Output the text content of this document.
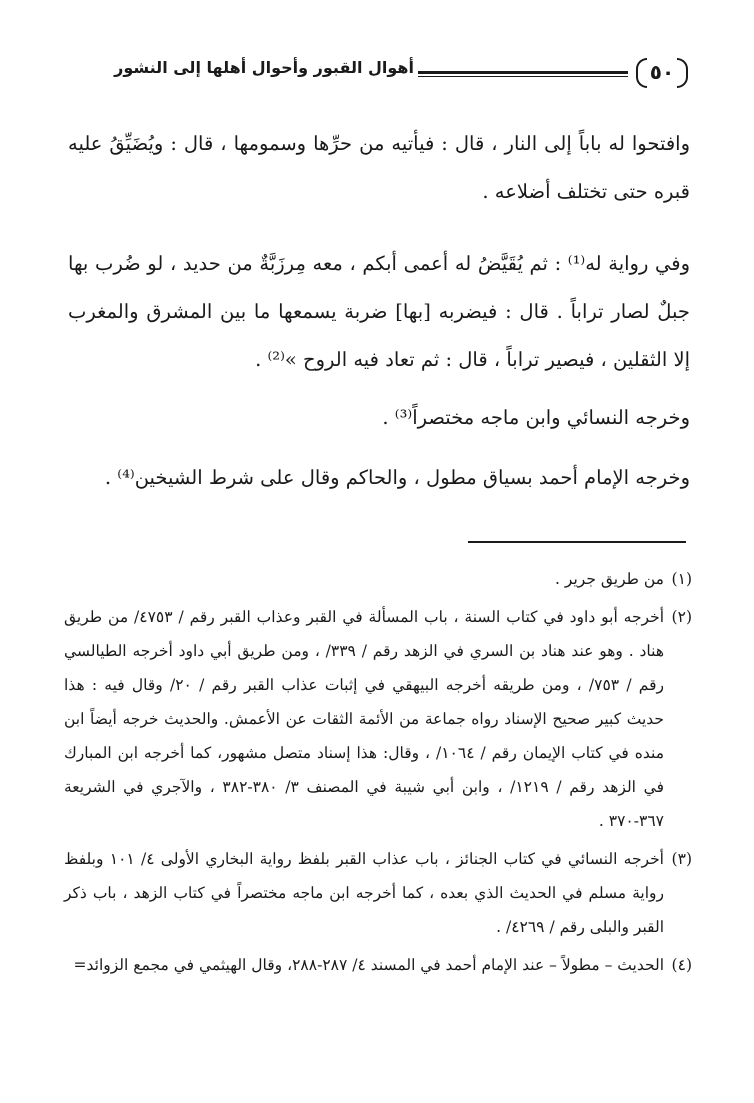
٥٠
أهوال القبور وأحوال أهلها إلى النشور

وافتحوا له باباً إلى النار ، قال : فيأتيه من حرِّها وسمومها ، قال : ويُضَيِّقُ عليه قبره حتى تختلف أضلاعه .

وفي رواية له⁽¹⁾ : ثم يُقَيَّضُ له أعمى أبكم ، معه مِرزَبَّةٌ من حديد ، لو ضُرب بها جبلٌ لصار تراباً . قال : فيضربه [بها] ضربة يسمعها ما بين المشرق والمغرب إلا الثقلين ، فيصير تراباً ، قال : ثم تعاد فيه الروح »⁽²⁾ .

وخرجه النسائي وابن ماجه مختصراً⁽³⁾ .

وخرجه الإمام أحمد بسياق مطول ، والحاكم وقال على شرط الشيخين⁽⁴⁾ .

(١)
من طريق جرير .

(٢)
أخرجه أبو داود في كتاب السنة ، باب المسألة في القبر وعذاب القبر رقم / ٤٧٥٣/ من طريق هناد . وهو عند هناد بن السري في الزهد رقم / ٣٣٩/ ، ومن طريق أبي داود أخرجه الطيالسي رقم / ٧٥٣/ ، ومن طريقه أخرجه البيهقي في إثبات عذاب القبر رقم / ٢٠/ وقال فيه : هذا حديث كبير صحيح الإسناد رواه جماعة من الأئمة الثقات عن الأعمش. والحديث خرجه أيضاً ابن منده في كتاب الإيمان رقم / ١٠٦٤/ ، وقال: هذا إسناد متصل مشهور، كما أخرجه ابن المبارك في الزهد رقم / ١٢١٩/ ، وابن أبي شيبة في المصنف ٣/ ٣٨٠-٣٨٢ ، والآجري في الشريعة ٣٦٧-٣٧٠ .

(٣)
أخرجه النسائي في كتاب الجنائز ، باب عذاب القبر بلفظ رواية البخاري الأولى ٤/ ١٠١ وبلفظ رواية مسلم في الحديث الذي بعده ، كما أخرجه ابن ماجه مختصراً في كتاب الزهد ، باب ذكر القبر والبلى رقم / ٤٢٦٩/ .

(٤)
الحديث – مطولاً – عند الإمام أحمد في المسند ٤/ ٢٨٧-٢٨٨، وقال الهيثمي في مجمع الزوائد=
